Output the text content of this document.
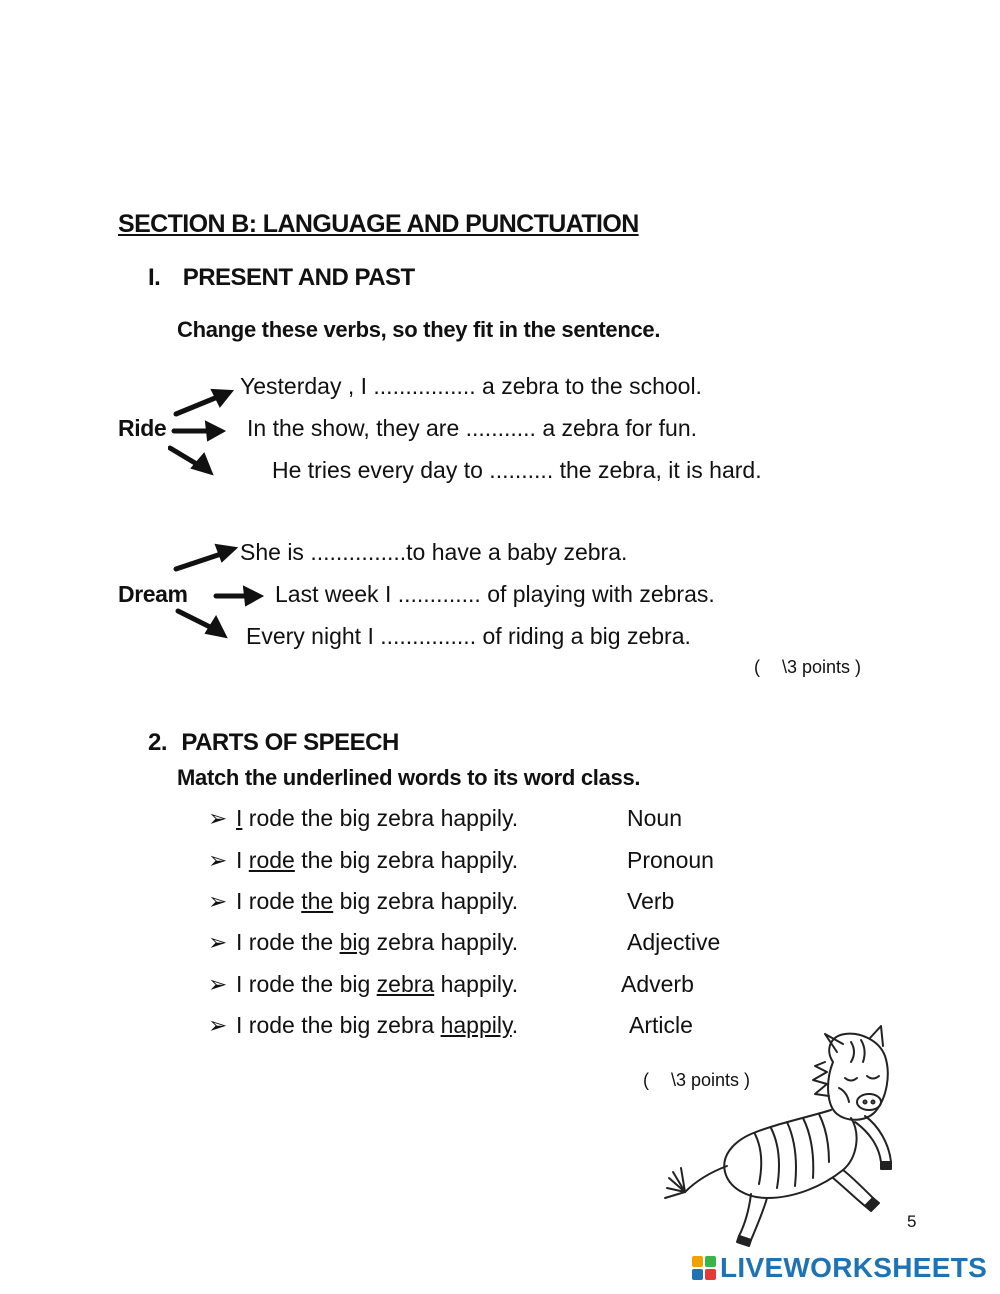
SECTION B: LANGUAGE AND PUNCTUATION
I. PRESENT AND PAST
Change these verbs, so they fit in the sentence.
Ride
Yesterday , I ................ a zebra to the school.
In the show, they are ........... a zebra for fun.
He tries every day to .......... the zebra, it is hard.
Dream
She is ...............to have a baby zebra.
Last week I ............. of playing with zebras.
Every night I ............... of riding a big zebra.
( \3 points )
2. PARTS OF SPEECH
Match the underlined words to its word class.
➢ I rode the big zebra happily.
➢ I rode the big zebra happily.
➢ I rode the big zebra happily.
➢ I rode the big zebra happily.
➢ I rode the big zebra happily.
➢ I rode the big zebra happily.
Noun
Pronoun
Verb
Adjective
Adverb
Article
( \3 points )
5
LIVEWORKSHEETS
